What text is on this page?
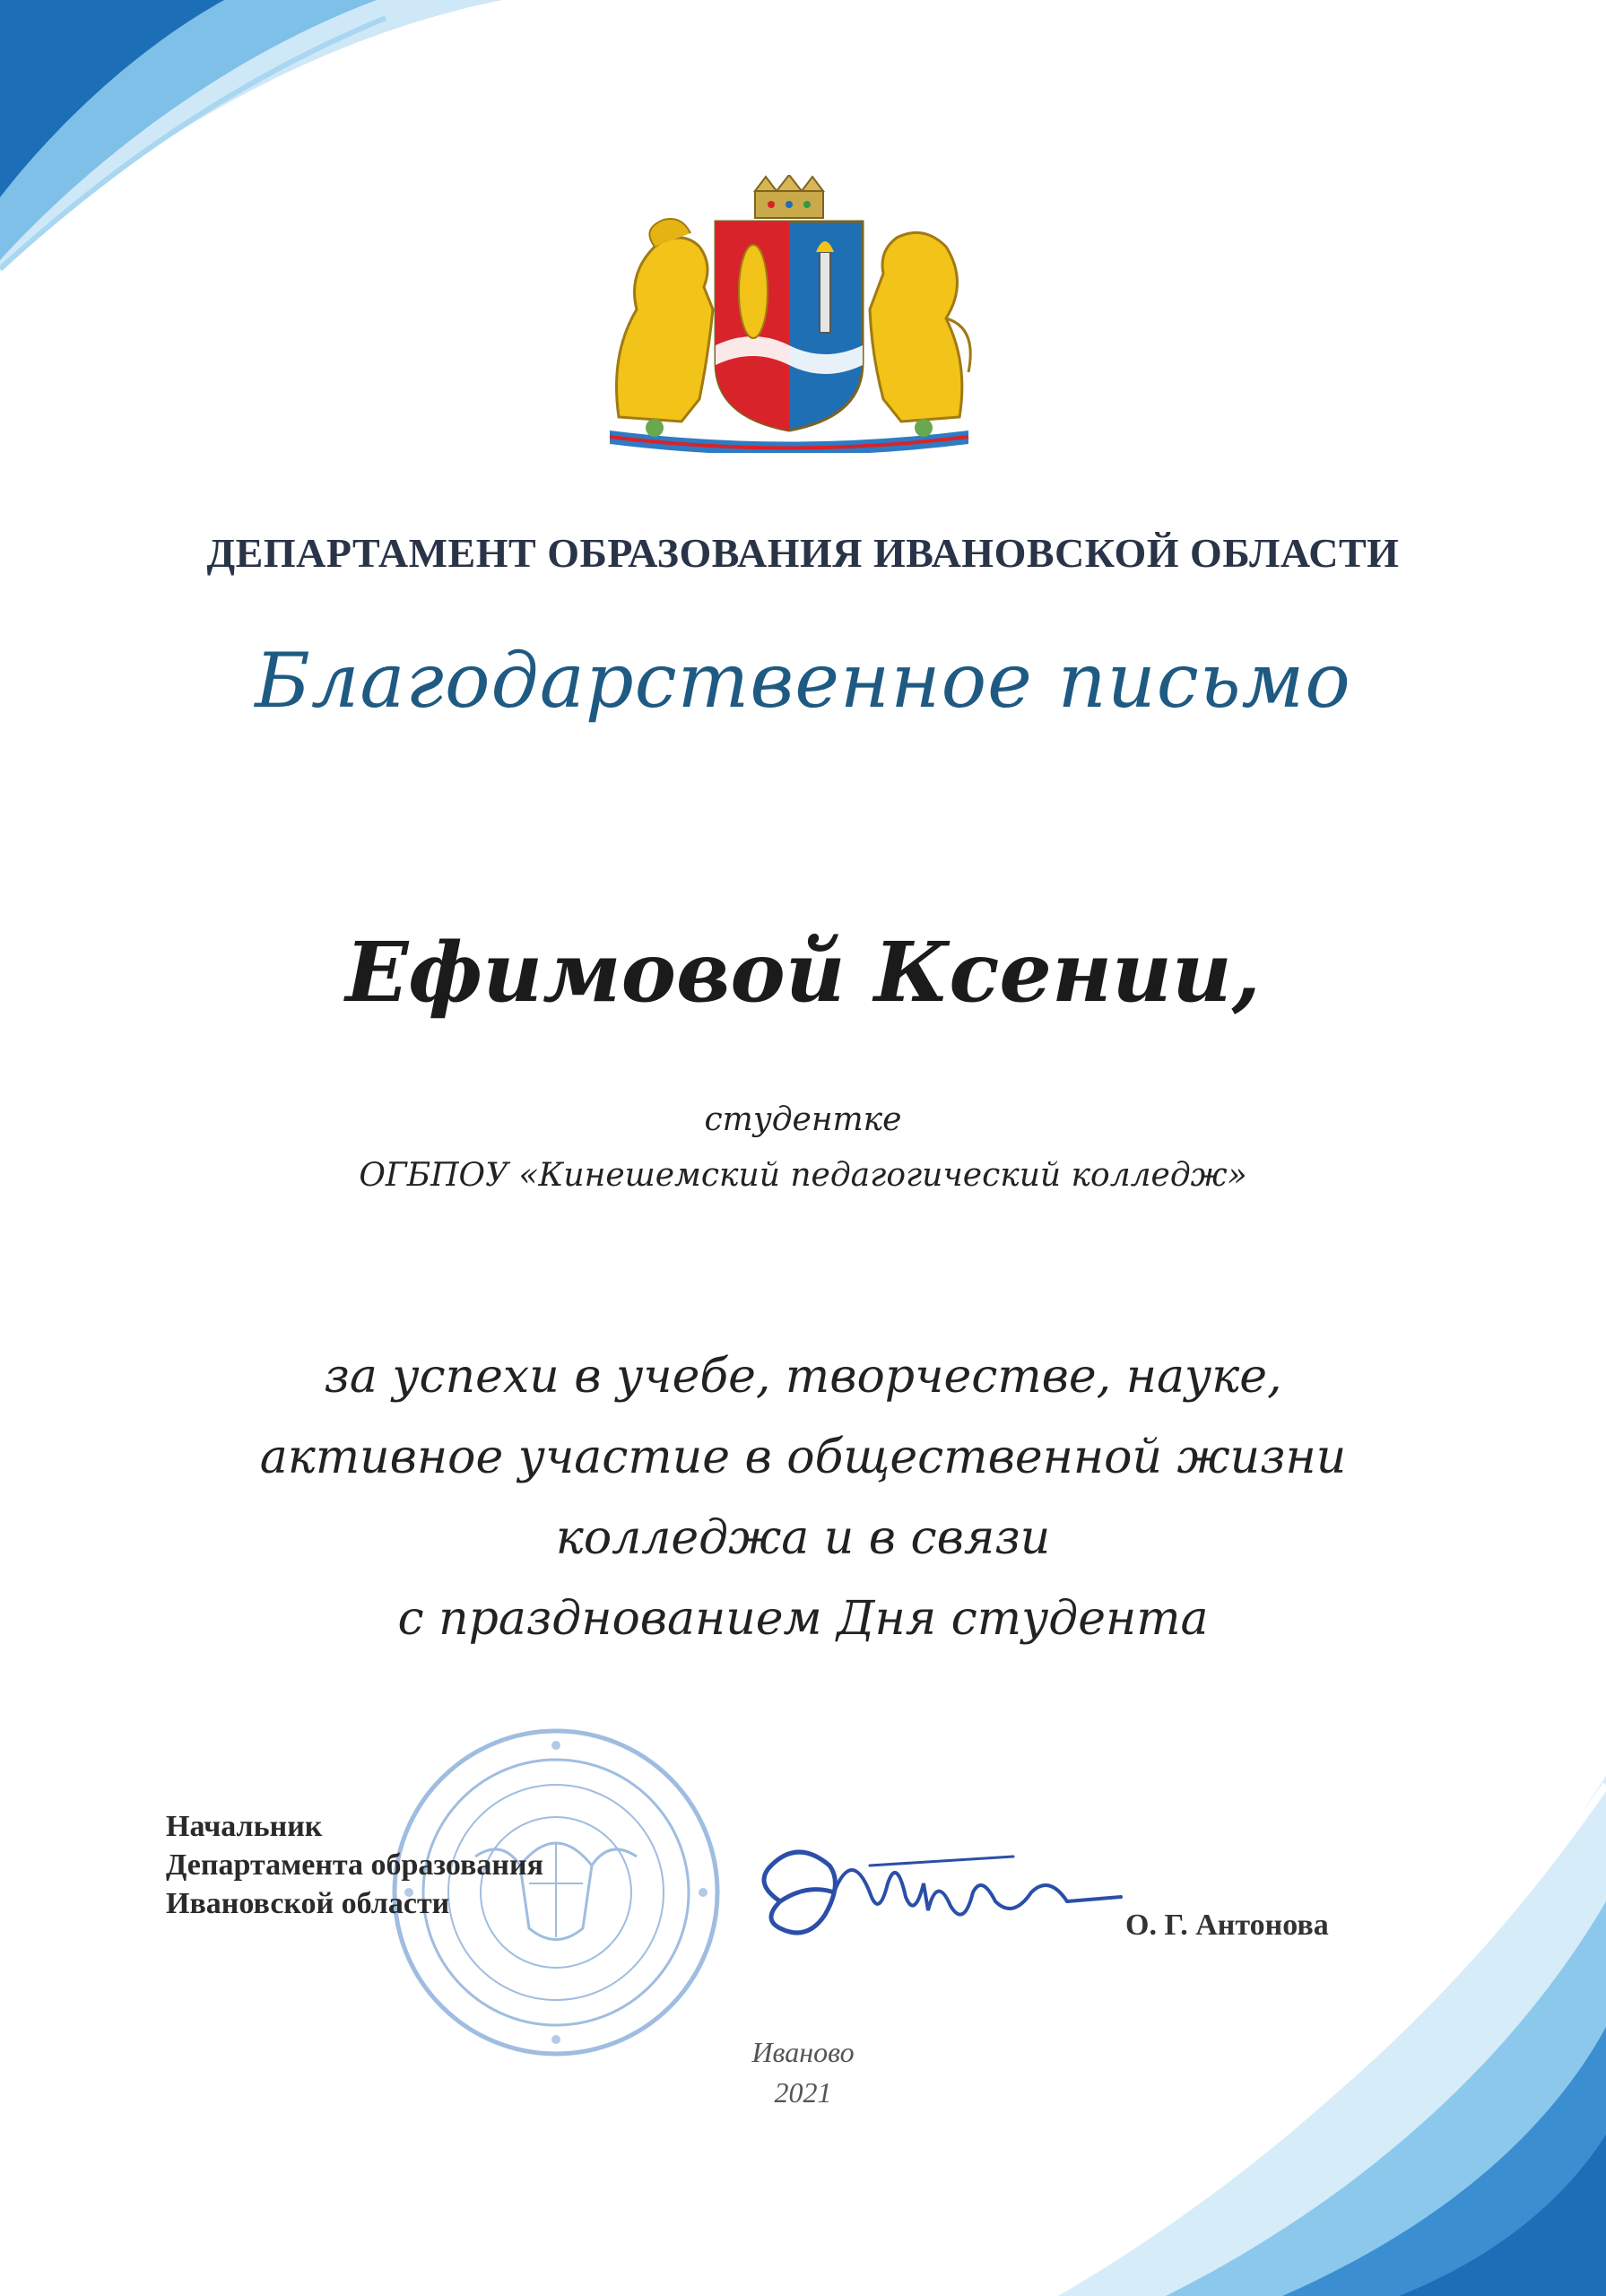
ДЕПАРТАМЕНТ ОБРАЗОВАНИЯ ИВАНОВСКОЙ ОБЛАСТИ
Благодарственное письмо
Ефимовой Ксении,
студентке
ОГБПОУ «Кинешемский педагогический колледж»
за успехи в учебе, творчестве, науке,
активное участие в общественной жизни
колледжа и в связи
с празднованием Дня студента
Начальник
Департамента образования
Ивановской области
О. Г. Антонова
Иваново
2021
